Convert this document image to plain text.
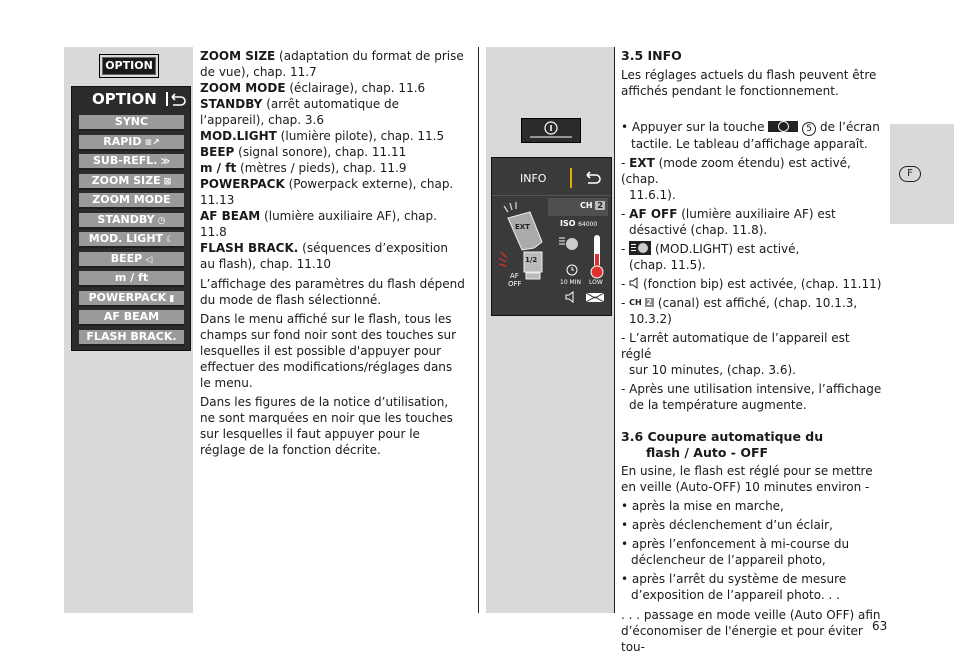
OPTION
OPTION
SYNC
RAPID ≡↗
SUB-REFL. ≫
ZOOM SIZE ⊠
ZOOM MODE
STANDBY ◷
MOD. LIGHT ☾
BEEP ◁
m / ft
POWERPACK ▮
AF BEAM
FLASH BRACK.

ZOOM SIZE (adaptation du format de prise de vue), chap. 11.7

ZOOM MODE (éclairage), chap. 11.6

STANDBY (arrêt automatique de l‘appareil), chap. 3.6

MOD.LIGHT (lumière pilote), chap. 11.5

BEEP (signal sonore), chap. 11.11

m / ft (mètres / pieds), chap. 11.9

POWERPACK (Powerpack externe), chap. 11.13

AF BEAM (lumière auxiliaire AF), chap. 11.8

FLASH BRACK. (séquences d’exposition au flash), chap. 11.10

L’affichage des paramètres du flash dépend du mode de flash sélectionné.

Dans le menu affiché sur le flash, tous les champs sur fond noir sont des touches sur lesquelles il est possible d'appuyer pour effectuer des modifications/réglages dans le menu.

Dans les figures de la notice d’utilisation, ne sont marquées en noir que les touches sur lesquelles il faut appuyer pour le réglage de la fonction décrite.

INFO
EXT
1/2
AF
OFF
CH 2
ISO 64000
10 MIN LOW
3.5 INFO

Les réglages actuels du flash peuvent être affichés pendant le fonctionnement.

• Appuyer sur la touche	5 de l’écran
tactile. Le tableau d’affichage apparaît.
- EXT (mode zoom étendu) est activé, (chap.
11.6.1).
- AF OFF (lumière auxiliaire AF) est
désactivé (chap. 11.8).
-
(MOD.LIGHT) est activé,
(chap. 11.5).
-  (fonction bip) est activée, (chap. 11.11)
- CH 2 (canal) est affiché, (chap. 10.1.3,
10.3.2)
- L’arrêt automatique de l’appareil est réglé
sur 10 minutes, (chap. 3.6).
- Après une utilisation intensive, l’affichage
de la température augmente.
3.6 Coupure automatique du
flash / Auto - OFF

En usine, le flash est réglé pour se mettre en veille (Auto-OFF) 10 minutes environ -

• après la mise en marche,
• après déclenchement d’un éclair,
• après l’enfoncement à mi-course du
déclencheur de l’appareil photo,
• après l’arrêt du système de mesure
d’exposition de l’appareil photo. . .
. . . passage en mode veille (Auto OFF) afin
d’économiser de l'énergie et pour éviter tou-
F
63
